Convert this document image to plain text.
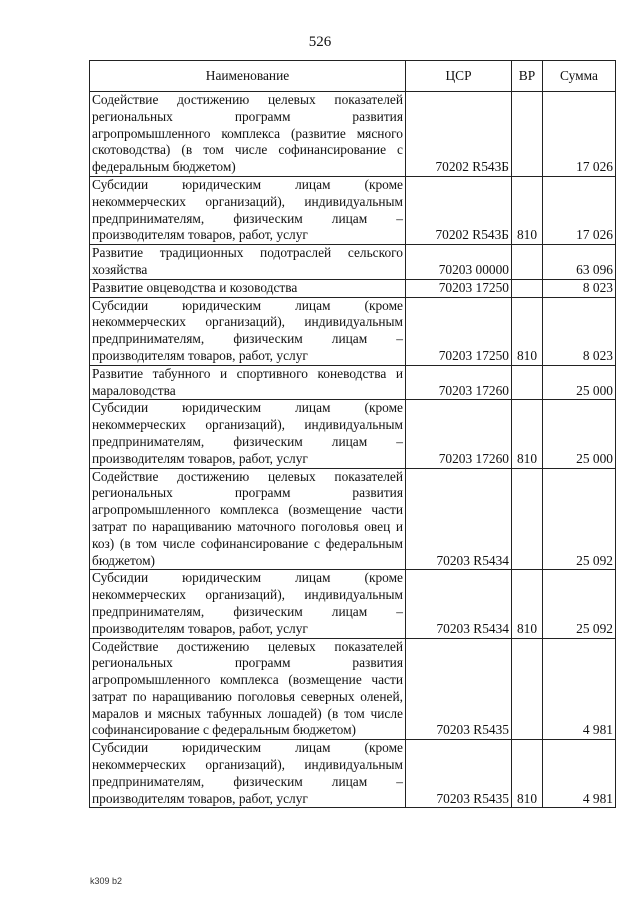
526
Наименование	ЦСР	ВР	Сумма
Содействие достижению целевых показателей региональных программ развития агропромышленного комплекса (развитие мясного скотоводства) (в том числе софинансирование с федеральным бюджетом)	70202 R543Б		17 026
Субсидии юридическим лицам (кроме некоммерческих организаций), индивидуальным предпринимателям, физическим лицам – производителям товаров, работ, услуг	70202 R543Б	810	17 026
Развитие традиционных подотраслей сельского хозяйства	70203 00000		63 096
Развитие овцеводства и козоводства	70203 17250		8 023
Субсидии юридическим лицам (кроме некоммерческих организаций), индивидуальным предпринимателям, физическим лицам – производителям товаров, работ, услуг	70203 17250	810	8 023
Развитие табунного и спортивного коневодства и мараловодства	70203 17260		25 000
Субсидии юридическим лицам (кроме некоммерческих организаций), индивидуальным предпринимателям, физическим лицам – производителям товаров, работ, услуг	70203 17260	810	25 000
Содействие достижению целевых показателей региональных программ развития агропромышленного комплекса (возмещение части затрат по наращиванию маточного поголовья овец и коз) (в том числе софинансирование с федеральным бюджетом)	70203 R5434		25 092
Субсидии юридическим лицам (кроме некоммерческих организаций), индивидуальным предпринимателям, физическим лицам – производителям товаров, работ, услуг	70203 R5434	810	25 092
Содействие достижению целевых показателей региональных программ развития агропромышленного комплекса (возмещение части затрат по наращиванию поголовья северных оленей, маралов и мясных табунных лошадей) (в том числе софинансирование с федеральным бюджетом)	70203 R5435		4 981
Субсидии юридическим лицам (кроме некоммерческих организаций), индивидуальным предпринимателям, физическим лицам – производителям товаров, работ, услуг	70203 R5435	810	4 981
k309 b2
